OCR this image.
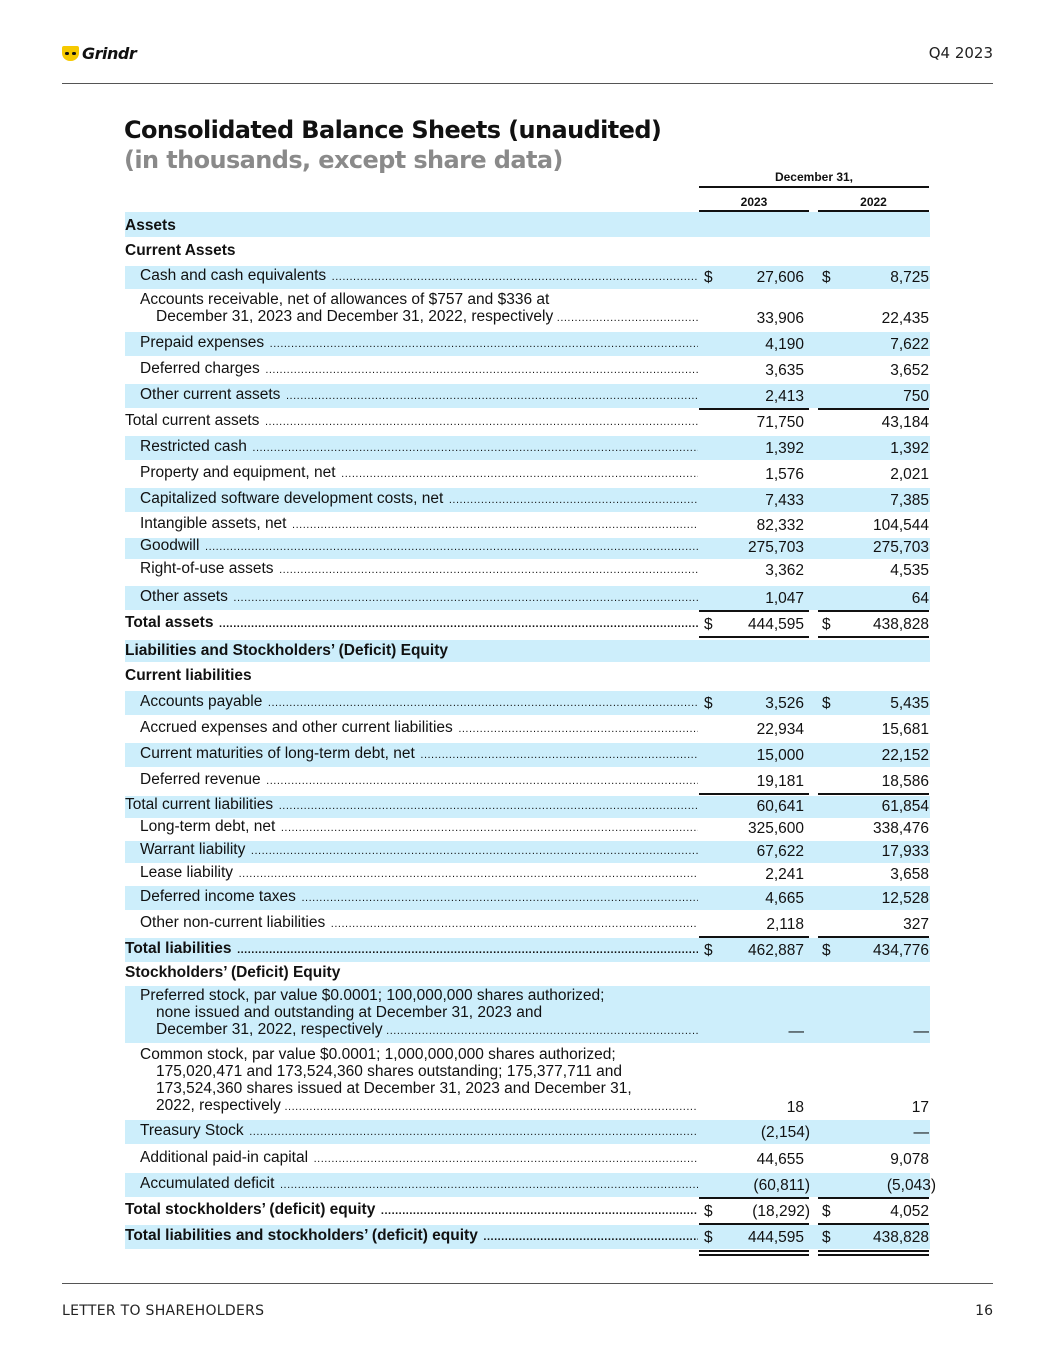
Grindr	Q4 2023
Consolidated Balance Sheets (unaudited)
(in thousands, except share data)
December 31,
2023	2022
Assets
Current Assets
Cash and cash equivalents .....	$	27,606 $	8,725
Accounts receivable, net of allowances of $757 and $336 at
December 31, 2023 and December 31, 2022, respectively .....	33,906	22,435
Prepaid expenses .....	4,190	7,622
Deferred charges .....	3,635	3,652
Other current assets .....	2,413	750
Total current assets .....	71,750	43,184
Restricted cash .....	1,392	1,392
Property and equipment, net .....	1,576	2,021
Capitalized software development costs, net .....	7,433	7,385
Intangible assets, net .....	82,332	104,544
Goodwill .....	275,703	275,703
Right-of-use assets .....	3,362	4,535
Other assets .....	1,047	64
Total assets .....	$	444,595 $	438,828
Liabilities and Stockholders’ (Deficit) Equity
Current liabilities
Accounts payable .....	$	3,526 $	5,435
Accrued expenses and other current liabilities .....	22,934	15,681
Current maturities of long-term debt, net .....	15,000	22,152
Deferred revenue .....	19,181	18,586
Total current liabilities .....	60,641	61,854
Long-term debt, net .....	325,600	338,476
Warrant liability .....	67,622	17,933
Lease liability .....	2,241	3,658
Deferred income taxes .....	4,665	12,528
Other non-current liabilities .....	2,118	327
Total liabilities .....	$	462,887 $	434,776
Stockholders’ (Deficit) Equity
Preferred stock, par value $0.0001; 100,000,000 shares authorized;
none issued and outstanding at December 31, 2023 and
December 31, 2022, respectively .....	—	—
Common stock, par value $0.0001; 1,000,000,000 shares authorized;
175,020,471 and 173,524,360 shares outstanding; 175,377,711 and
173,524,360 shares issued at December 31, 2023 and December 31,
2022, respectively .....	18	17
Treasury Stock .....	(2,154)	—
Additional paid-in capital .....	44,655	9,078
Accumulated deficit .....	(60,811)	(5,043)
Total stockholders’ (deficit) equity .....	$	(18,292) $	4,052
Total liabilities and stockholders’ (deficit) equity .....	$	444,595 $	438,828
LETTER TO SHAREHOLDERS	16
